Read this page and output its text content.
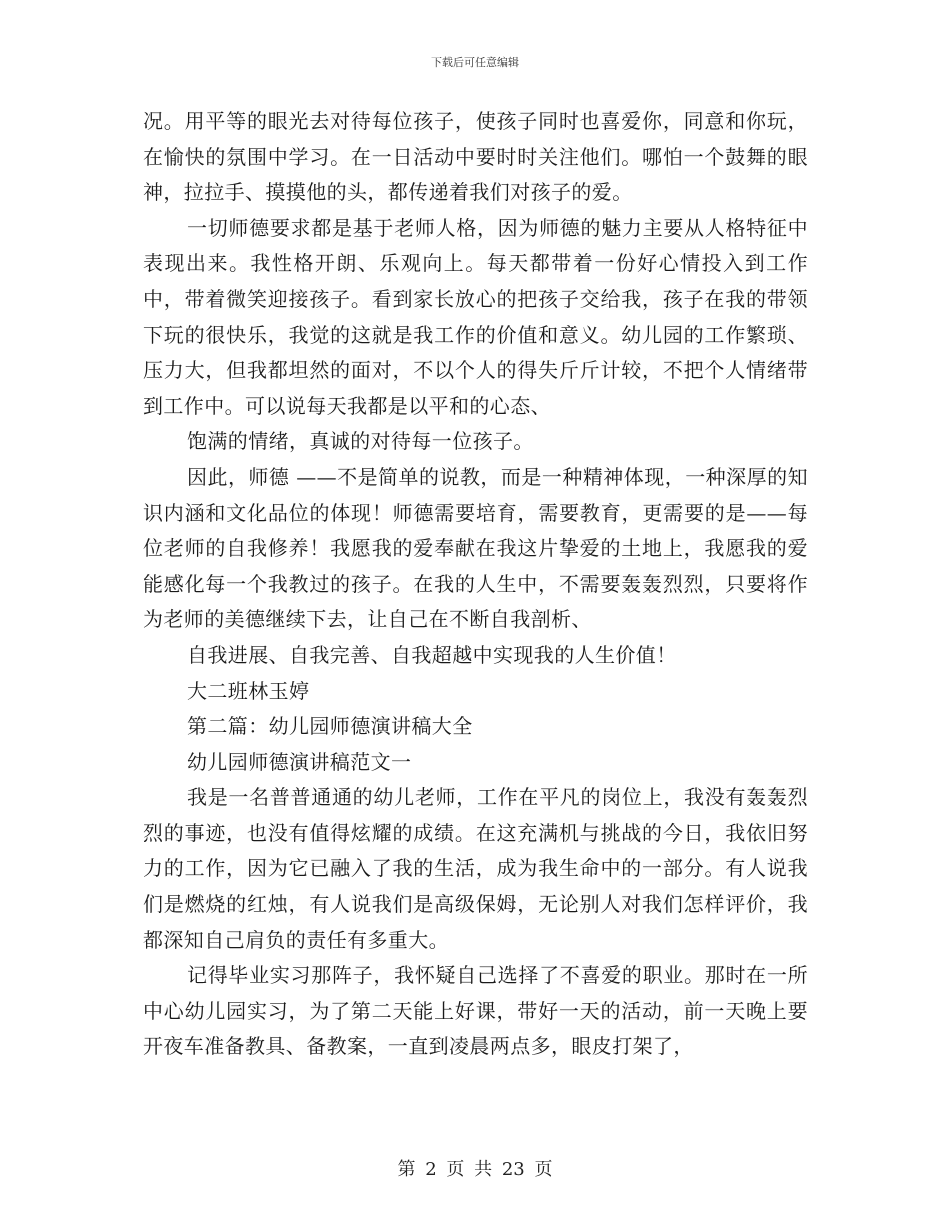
下载后可任意编辑

况。用平等的眼光去对待每位孩子，使孩子同时也喜爱你，同意和你玩，在愉快的氛围中学习。在一日活动中要时时关注他们。哪怕一个鼓舞的眼神，拉拉手、摸摸他的头，都传递着我们对孩子的爱。

一切师德要求都是基于老师人格，因为师德的魅力主要从人格特征中表现出来。我性格开朗、乐观向上。每天都带着一份好心情投入到工作中，带着微笑迎接孩子。看到家长放心的把孩子交给我，孩子在我的带领下玩的很快乐，我觉的这就是我工作的价值和意义。幼儿园的工作繁琐、压力大，但我都坦然的面对，不以个人的得失斤斤计较，不把个人情绪带到工作中。可以说每天我都是以平和的心态、

饱满的情绪，真诚的对待每一位孩子。

因此，师德 ——不是简单的说教，而是一种精神体现，一种深厚的知识内涵和文化品位的体现！师德需要培育，需要教育，更需要的是——每位老师的自我修养！我愿我的爱奉献在我这片挚爱的土地上，我愿我的爱能感化每一个我教过的孩子。在我的人生中，不需要轰轰烈烈，只要将作为老师的美德继续下去，让自己在不断自我剖析、

自我进展、自我完善、自我超越中实现我的人生价值！

大二班林玉婷

第二篇：幼儿园师德演讲稿大全

幼儿园师德演讲稿范文一

我是一名普普通通的幼儿老师，工作在平凡的岗位上，我没有轰轰烈烈的事迹，也没有值得炫耀的成绩。在这充满机与挑战的今日，我依旧努力的工作，因为它已融入了我的生活，成为我生命中的一部分。有人说我们是燃烧的红烛，有人说我们是高级保姆，无论别人对我们怎样评价，我都深知自己肩负的责任有多重大。

记得毕业实习那阵子，我怀疑自己选择了不喜爱的职业。那时在一所中心幼儿园实习，为了第二天能上好课，带好一天的活动，前一天晚上要开夜车准备教具、备教案，一直到凌晨两点多，眼皮打架了，

第 2 页 共 23 页
